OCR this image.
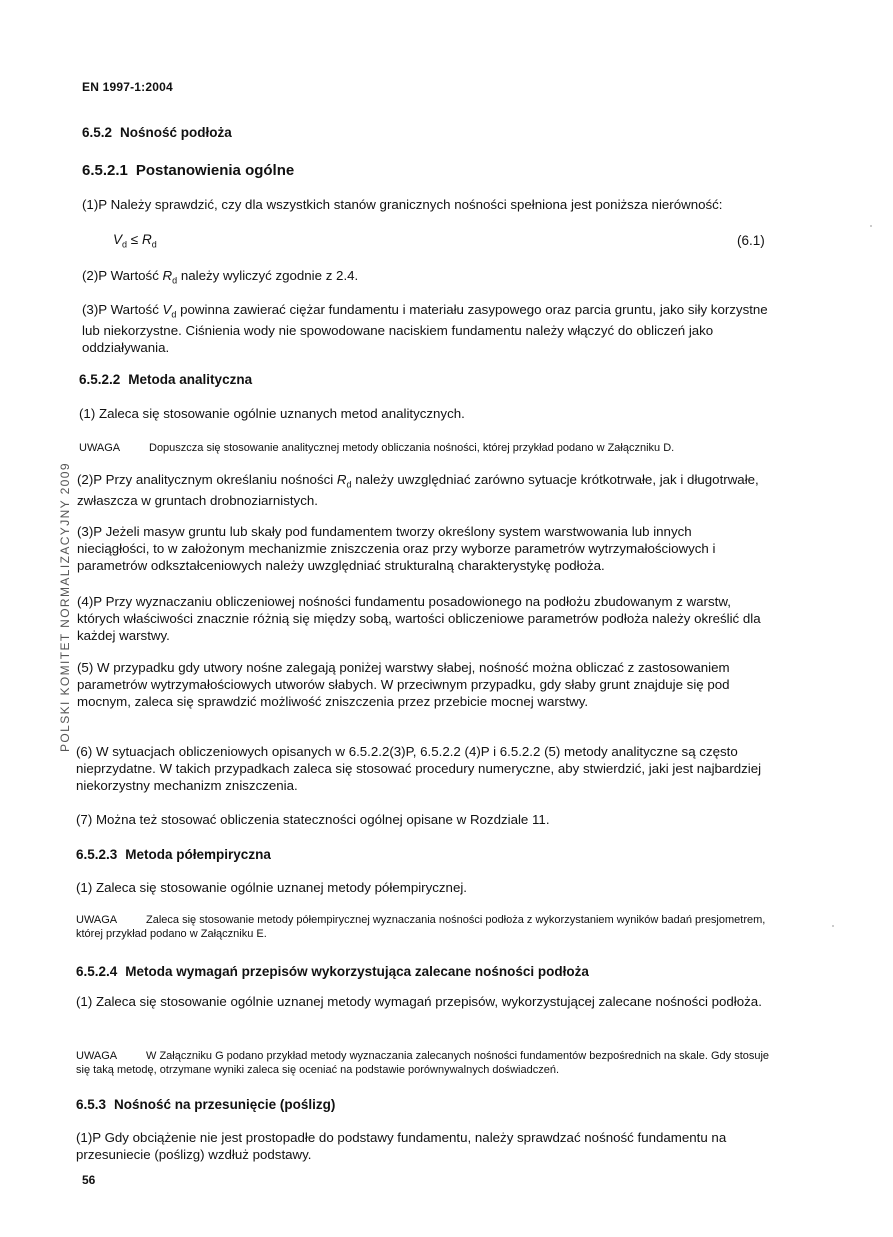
EN 1997-1:2004
POLSKI KOMITET NORMALIZACYJNY 2009
6.5.2 Nośność podłoża
6.5.2.1 Postanowienia ogólne
(1)P Należy sprawdzić, czy dla wszystkich stanów granicznych nośności spełniona jest poniższa nierówność:
$V_d \le R_d$	(6.1)
(2)P Wartość $R_d$ należy wyliczyć zgodnie z 2.4.
(3)P Wartość $V_d$ powinna zawierać ciężar fundamentu i materiału zasypowego oraz parcia gruntu, jako siły korzystne lub niekorzystne. Ciśnienia wody nie spowodowane naciskiem fundamentu należy włączyć do obliczeń jako oddziaływania.
6.5.2.2 Metoda analityczna
(1) Zaleca się stosowanie ogólnie uznanych metod analitycznych.
UWAGA	Dopuszcza się stosowanie analitycznej metody obliczania nośności, której przykład podano w Załączniku D.
(2)P Przy analitycznym określaniu nośności $R_d$ należy uwzględniać zarówno sytuacje krótkotrwałe, jak i długotrwałe, zwłaszcza w gruntach drobnoziarnistych.
(3)P Jeżeli masyw gruntu lub skały pod fundamentem tworzy określony system warstwowania lub innych nieciągłości, to w założonym mechanizmie zniszczenia oraz przy wyborze parametrów wytrzymałościowych i parametrów odkształceniowych należy uwzględniać strukturalną charakterystykę podłoża.
(4)P Przy wyznaczaniu obliczeniowej nośności fundamentu posadowionego na podłożu zbudowanym z warstw, których właściwości znacznie różnią się między sobą, wartości obliczeniowe parametrów podłoża należy określić dla każdej warstwy.
(5) W przypadku gdy utwory nośne zalegają poniżej warstwy słabej, nośność można obliczać z zastosowaniem parametrów wytrzymałościowych utworów słabych. W przeciwnym przypadku, gdy słaby grunt znajduje się pod mocnym, zaleca się sprawdzić możliwość zniszczenia przez przebicie mocnej warstwy.
(6) W sytuacjach obliczeniowych opisanych w 6.5.2.2(3)P, 6.5.2.2 (4)P i 6.5.2.2 (5) metody analityczne są często nieprzydatne. W takich przypadkach zaleca się stosować procedury numeryczne, aby stwierdzić, jaki jest najbardziej niekorzystny mechanizm zniszczenia.
(7) Można też stosować obliczenia stateczności ogólnej opisane w Rozdziale 11.
6.5.2.3 Metoda półempiryczna
(1) Zaleca się stosowanie ogólnie uznanej metody półempirycznej.
UWAGA	Zaleca się stosowanie metody półempirycznej wyznaczania nośności podłoża z wykorzystaniem wyników badań presjometrem, której przykład podano w Załączniku E.
6.5.2.4 Metoda wymagań przepisów wykorzystująca zalecane nośności podłoża
(1) Zaleca się stosowanie ogólnie uznanej metody wymagań przepisów, wykorzystującej zalecane nośności podłoża.
UWAGA	W Załączniku G podano przykład metody wyznaczania zalecanych nośności fundamentów bezpośrednich na skale. Gdy stosuje się taką metodę, otrzymane wyniki zaleca się oceniać na podstawie porównywalnych doświadczeń.
6.5.3 Nośność na przesunięcie (poślizg)
(1)P Gdy obciążenie nie jest prostopadłe do podstawy fundamentu, należy sprawdzać nośność fundamentu na przesuniecie (poślizg) wzdłuż podstawy.
56
